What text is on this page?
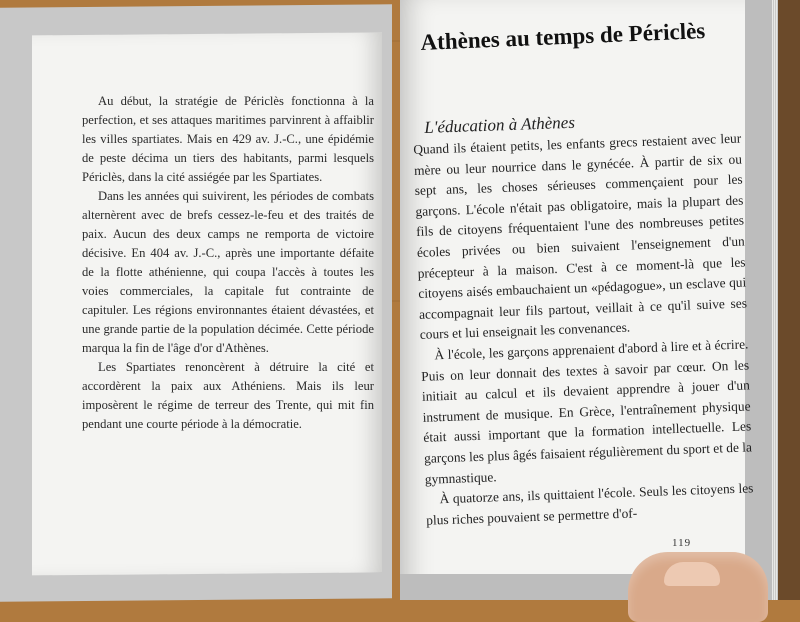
Au début, la stratégie de Périclès fonctionna à la perfection, et ses attaques maritimes parvinrent à affaiblir les villes spartiates. Mais en 429 av. J.-C., une épidémie de peste décima un tiers des habitants, parmi lesquels Périclès, dans la cité assiégée par les Spartiates.

Dans les années qui suivirent, les périodes de combats alternèrent avec de brefs cessez-le-feu et des traités de paix. Aucun des deux camps ne remporta de victoire décisive. En 404 av. J.-C., après une importante défaite de la flotte athénienne, qui coupa l'accès à toutes les voies commerciales, la capitale fut contrainte de capituler. Les régions environnantes étaient dévastées, et une grande partie de la population décimée. Cette période marqua la fin de l'âge d'or d'Athènes.

Les Spartiates renoncèrent à détruire la cité et accordèrent la paix aux Athéniens. Mais ils leur imposèrent le régime de terreur des Trente, qui mit fin pendant une courte période à la démocratie.

Athènes au temps de Périclès
L'éducation à Athènes

Quand ils étaient petits, les enfants grecs restaient avec leur mère ou leur nourrice dans le gynécée. À partir de six ou sept ans, les choses sérieuses commençaient pour les garçons. L'école n'était pas obligatoire, mais la plupart des fils de citoyens fréquentaient l'une des nombreuses petites écoles privées ou bien suivaient l'enseignement d'un précepteur à la maison. C'est à ce moment-là que les citoyens aisés embauchaient un «pédagogue», un esclave qui accompagnait leur fils partout, veillait à ce qu'il suive ses cours et lui enseignait les convenances.

À l'école, les garçons apprenaient d'abord à lire et à écrire. Puis on leur donnait des textes à savoir par cœur. On les initiait au calcul et ils devaient apprendre à jouer d'un instrument de musique. En Grèce, l'entraînement physique était aussi important que la formation intellectuelle. Les garçons les plus âgés faisaient régulièrement du sport et de la gymnastique.

À quatorze ans, ils quittaient l'école. Seuls les citoyens les plus riches pouvaient se permettre d'of-

119
